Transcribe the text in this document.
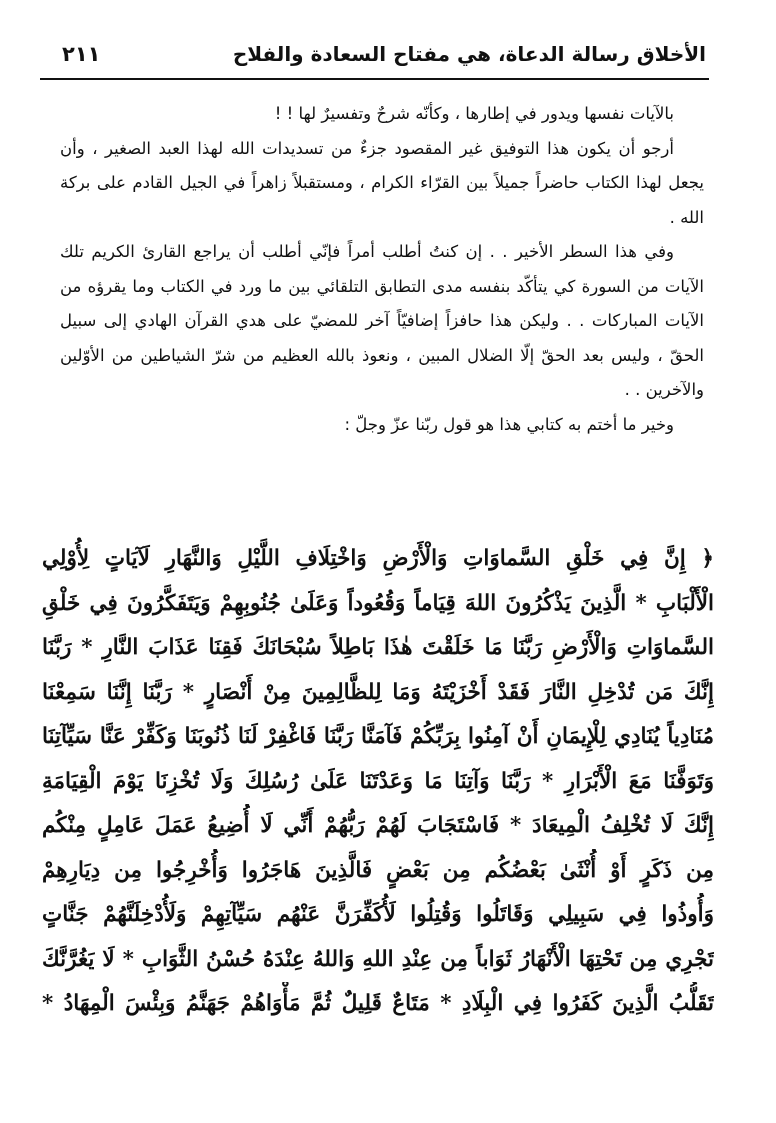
الأخلاق رسالة الدعاة، هي مفتاح السعادة والفلاح
٢١١

بالآيات نفسها ويدور في إطارها ، وكأنّه شرحٌ وتفسيرٌ لها ! !

أرجو أن يكون هذا التوفيق غير المقصود جزءٌ من تسديدات الله لهذا العبد الصغير ، وأن يجعل لهذا الكتاب حاضراً جميلاً بين القرّاء الكرام ، ومستقبلاً زاهراً في الجيل القادم على بركة الله .

وفي هذا السطر الأخير . . إن كنتُ أطلب أمراً فإنّي أطلب أن يراجع القارئ الكريم تلك الآيات من السورة كي يتأكّد بنفسه مدى التطابق التلقائي بين ما ورد في الكتاب وما يقرؤه من الآيات المباركات . . وليكن هذا حافزاً إضافيّاً آخر للمضيّ على هدي القرآن الهادي إلى سبيل الحقّ ، وليس بعد الحقّ إلّا الضلال المبين ، ونعوذ بالله العظيم من شرّ الشياطين من الأوّلين والآخرين . .

وخير ما أختم به كتابي هذا هو قول ربّنا عزّ وجلّ :

﴿ إِنَّ فِي خَلْقِ السَّماوَاتِ وَالْأَرْضِ وَاخْتِلَافِ اللَّيْلِ وَالنَّهَارِ لَآيَاتٍ لِأُوْلِي
الْأَلْبَابِ * الَّذِينَ يَذْكُرُونَ اللهَ قِيَاماً وَقُعُوداً وَعَلَىٰ جُنُوبِهِمْ وَيَتَفَكَّرُونَ فِي خَلْقِ
السَّماوَاتِ وَالْأَرْضِ رَبَّنَا مَا خَلَقْتَ هٰذَا بَاطِلاً سُبْحَانَكَ فَقِنَا عَذَابَ النَّارِ * رَبَّنَا
إِنَّكَ مَن تُدْخِلِ النَّارَ فَقَدْ أَخْزَيْتَهُ وَمَا لِلظَّالِمِينَ مِنْ أَنْصَارٍ * رَبَّنَا إِنَّنَا سَمِعْنَا
مُنَادِياً يُنَادِي لِلْإِيمَانِ أَنْ آمِنُوا بِرَبِّكُمْ فَآمَنَّا رَبَّنَا فَاغْفِرْ لَنَا ذُنُوبَنَا وَكَفِّرْ عَنَّا سَيِّآتِنَا
وَتَوَفَّنَا مَعَ الْأَبْرَارِ * رَبَّنَا وَآتِنَا مَا وَعَدْتَنَا عَلَىٰ رُسُلِكَ وَلَا تُخْزِنَا يَوْمَ الْقِيَامَةِ
إِنَّكَ لَا تُخْلِفُ الْمِيعَادَ * فَاسْتَجَابَ لَهُمْ رَبُّهُمْ أَنِّي لَا أُضِيعُ عَمَلَ عَامِلٍ مِنْكُم
مِن ذَكَرٍ أَوْ أُنْثَىٰ بَعْضُكُم مِن بَعْضٍ فَالَّذِينَ هَاجَرُوا وَأُخْرِجُوا مِن دِيَارِهِمْ
وَأُوذُوا فِي سَبِيلِي وَقَاتَلُوا وَقُتِلُوا لَأُكَفِّرَنَّ عَنْهُم سَيِّآتِهِمْ وَلَأُدْخِلَنَّهُمْ جَنَّاتٍ
تَجْرِي مِن تَحْتِهَا الْأَنْهَارُ ثَوَاباً مِن عِنْدِ اللهِ وَاللهُ عِنْدَهُ حُسْنُ الثَّوَابِ * لَا يَغُرَّنَّكَ
تَقَلُّبُ الَّذِينَ كَفَرُوا فِي الْبِلَادِ * مَتَاعٌ قَلِيلٌ ثُمَّ مَأْوَاهُمْ جَهَنَّمُ وَبِئْسَ الْمِهَادُ *
